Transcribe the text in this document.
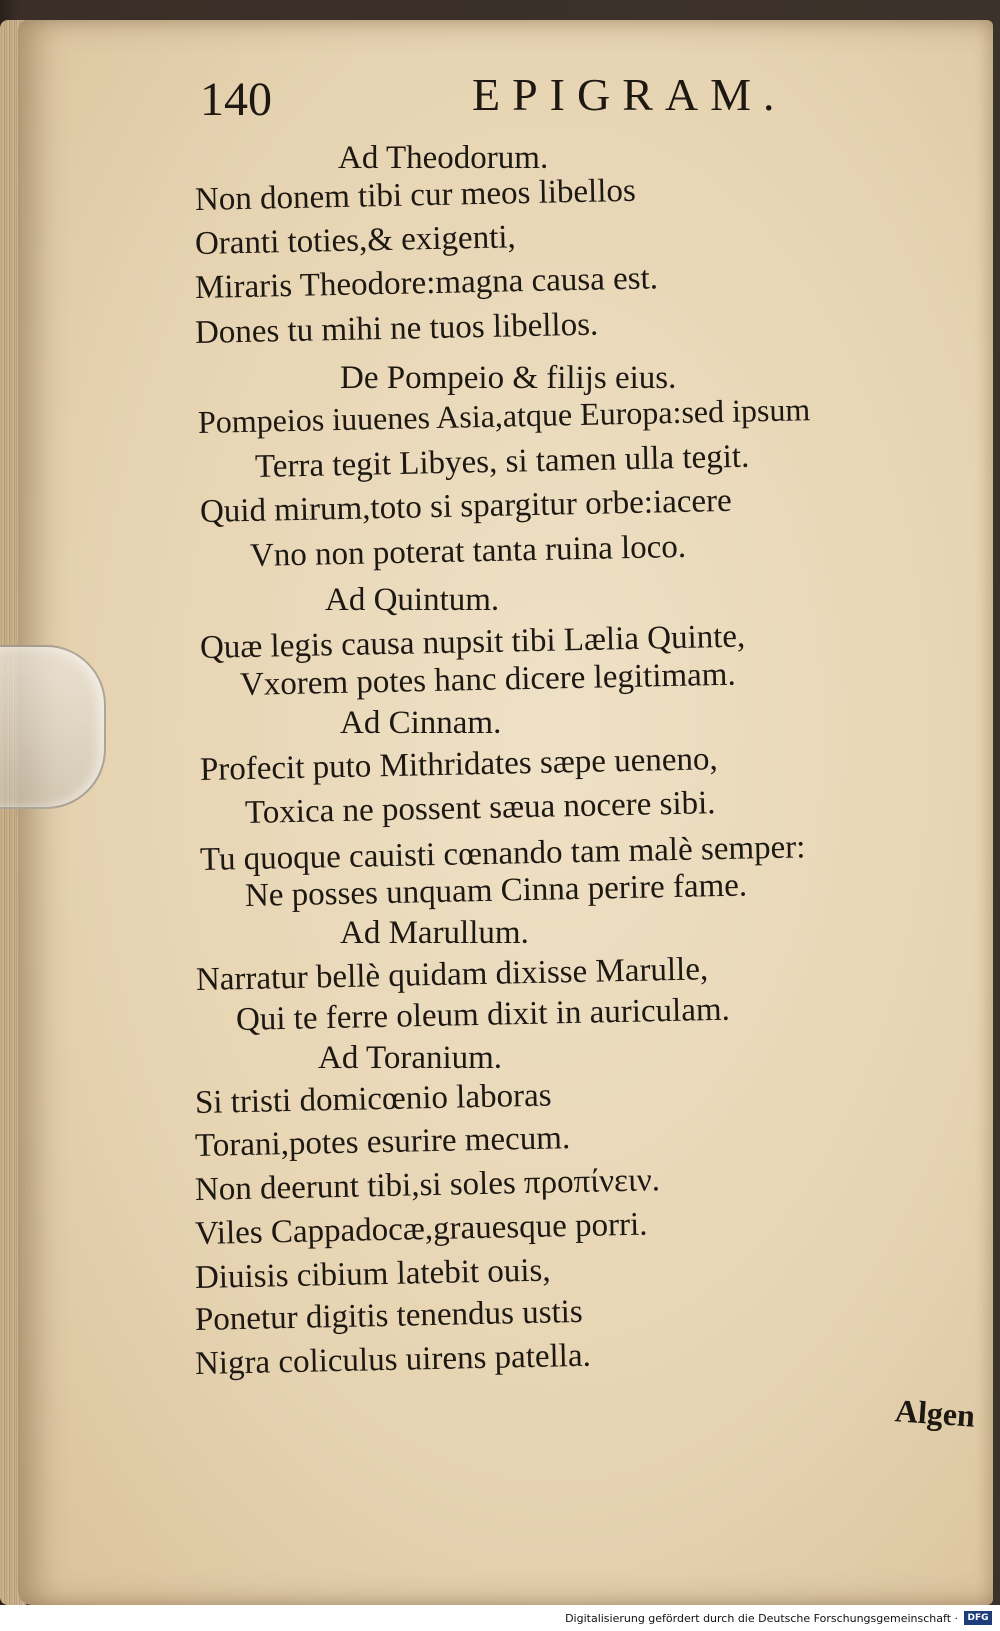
140	EPIGRAM.
Ad Theodorum.
Non donem tibi cur meos libellos
Oranti toties,& exigenti,
Miraris Theodore:magna causa est.
Dones tu mihi ne tuos libellos.
De Pompeio & filijs eius.
Pompeios iuuenes Asia,atque Europa:sed ipsum
Terra tegit Libyes, si tamen ulla tegit.
Quid mirum,toto si spargitur orbe:iacere
Vno non poterat tanta ruina loco.
Ad Quintum.
Quæ legis causa nupsit tibi Lælia Quinte,
Vxorem potes hanc dicere legitimam.
Ad Cinnam.
Profecit puto Mithridates sæpe ueneno,
Toxica ne possent sæua nocere sibi.
Tu quoque cauisti cœnando tam malè semper:
Ne posses unquam Cinna perire fame.
Ad Marullum.
Narratur bellè quidam dixisse Marulle,
Qui te ferre oleum dixit in auriculam.
Ad Toranium.
Si tristi domicœnio laboras
Torani,potes esurire mecum.
Non deerunt tibi,si soles προπίνειν.
Viles Cappadocæ,grauesque porri.
Diuisis cibium latebit ouis,
Ponetur digitis tenendus ustis
Nigra coliculus uirens patella.
Algen
Digitalisierung gefördert durch die Deutsche Forschungsgemeinschaft ·	DFG
